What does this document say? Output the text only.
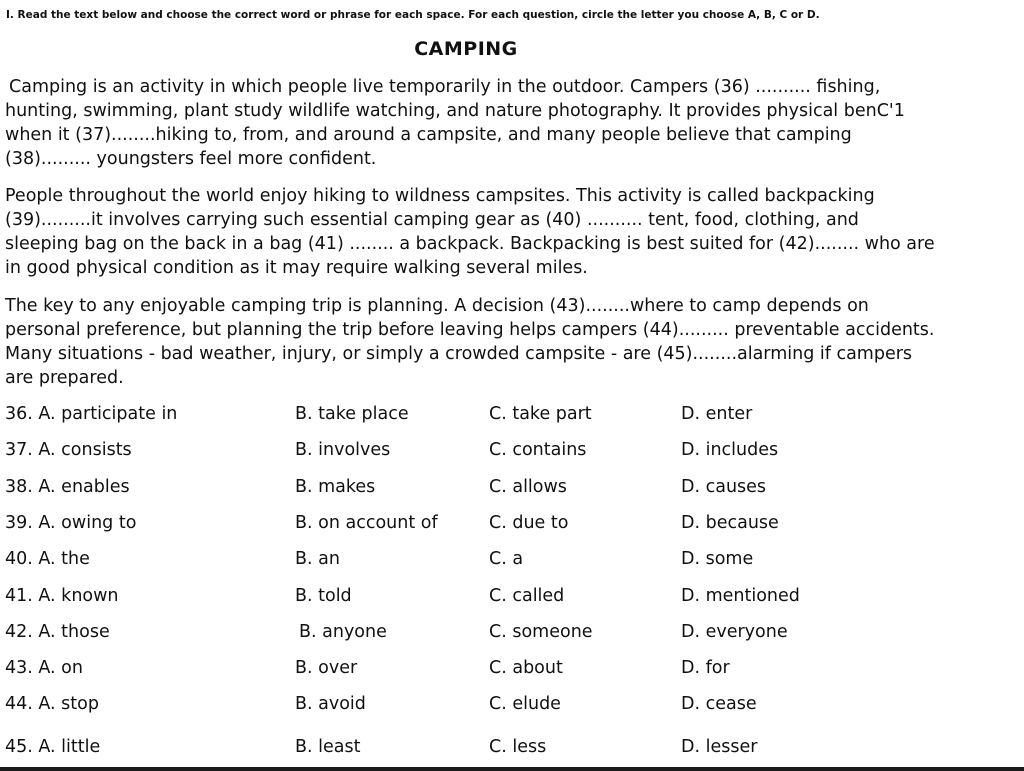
I. Read the text below and choose the correct word or phrase for each space. For each question, circle the letter you choose A, B, C or D.
CAMPING

Camping is an activity in which people live temporarily in the outdoor. Campers (36) .......... fishing, hunting, swimming, plant study wildlife watching, and nature photography. It provides physical benC'1 when it (37)........hiking to, from, and around a campsite, and many people believe that camping (38)......... youngsters feel more confident.

People throughout the world enjoy hiking to wildness campsites. This activity is called backpacking (39).........it involves carrying such essential camping gear as (40) .......... tent, food, clothing, and sleeping bag on the back in a bag (41) ........ a backpack. Backpacking is best suited for (42)........ who are in good physical condition as it may require walking several miles.

The key to any enjoyable camping trip is planning. A decision (43)........where to camp depends on personal preference, but planning the trip before leaving helps campers (44)......... preventable accidents. Many situations - bad weather, injury, or simply a crowded campsite - are (45)........alarming if campers are prepared.

36. A. participate in	B. take place	C. take part	D. enter
37. A. consists	B. involves	C. contains	D. includes
38. A. enables	B. makes	C. allows	D. causes
39. A. owing to	B. on account of	C. due to	D. because
40. A. the	B. an	C. a	D. some
41. A. known	B. told	C. called	D. mentioned
42. A. those	B. anyone	C. someone	D. everyone
43. A. on	B. over	C. about	D. for
44. A. stop	B. avoid	C. elude	D. cease
45. A. little	B. least	C. less	D. lesser
